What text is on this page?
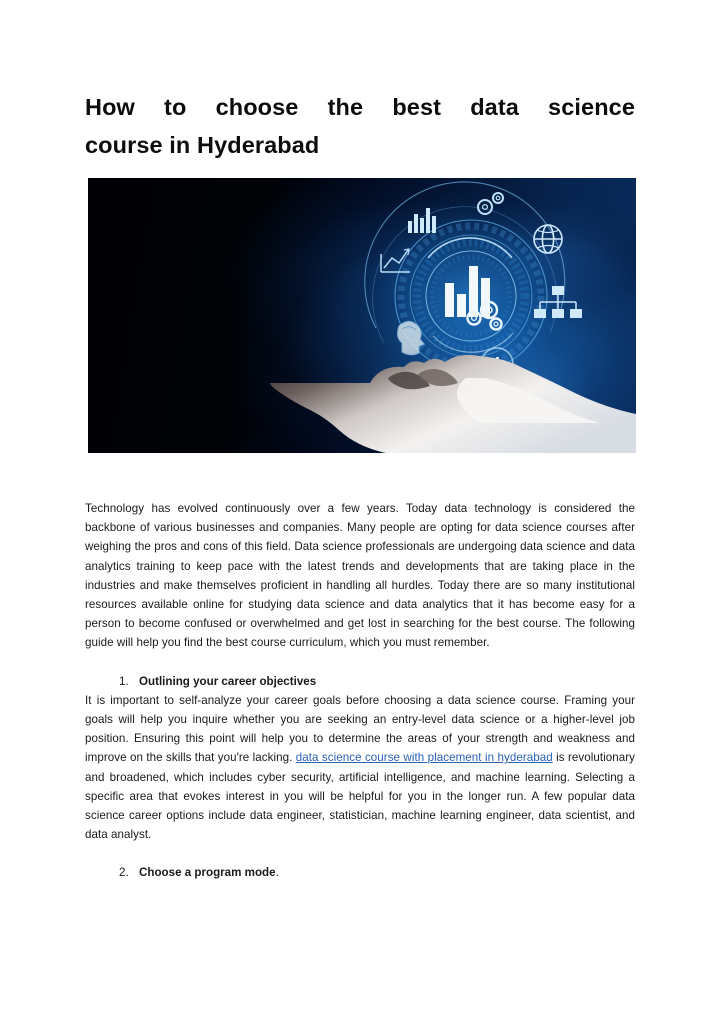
How to choose the best data science
course in Hyderabad

Technology has evolved continuously over a few years. Today data technology is considered the backbone of various businesses and companies. Many people are opting for data science courses after weighing the pros and cons of this field. Data science professionals are undergoing data science and data analytics training to keep pace with the latest trends and developments that are taking place in the industries and make themselves proficient in handling all hurdles. Today there are so many institutional resources available online for studying data science and data analytics that it has become easy for a person to become confused or overwhelmed and get lost in searching for the best course. The following guide will help you find the best course curriculum, which you must remember.

1. Outlining your career objectives

It is important to self-analyze your career goals before choosing a data science course. Framing your goals will help you inquire whether you are seeking an entry-level data science or a higher-level job position. Ensuring this point will help you to determine the areas of your strength and weakness and improve on the skills that you're lacking. data science course with placement in hyderabad is revolutionary and broadened, which includes cyber security, artificial intelligence, and machine learning. Selecting a specific area that evokes interest in you will be helpful for you in the longer run. A few popular data science career options include data engineer, statistician, machine learning engineer, data scientist, and data analyst.

2. Choose a program mode.
